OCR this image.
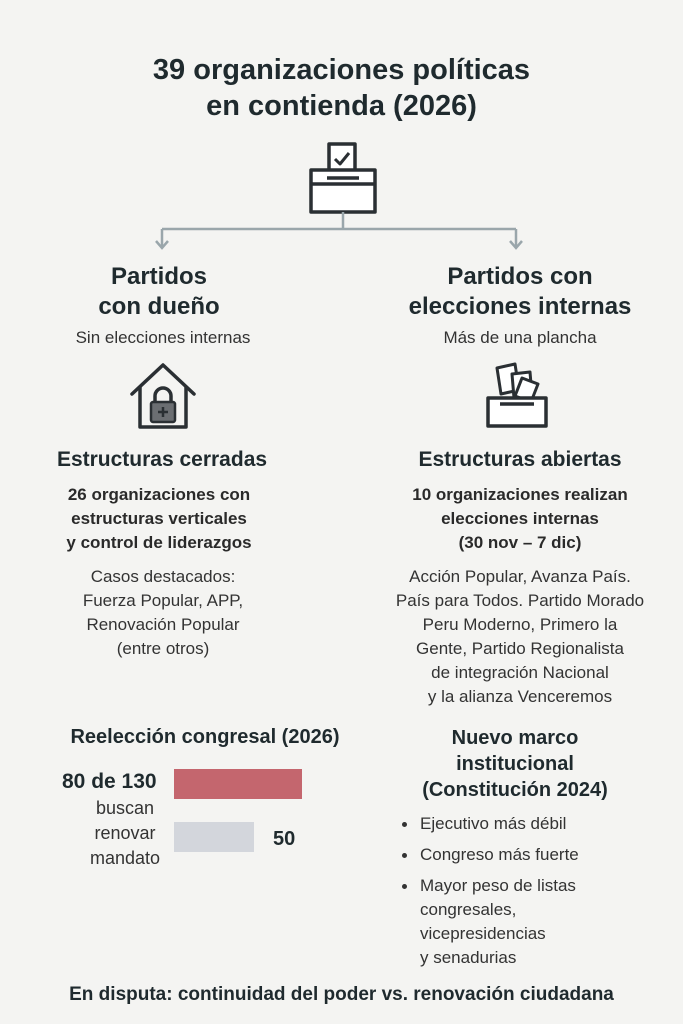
39 organizaciones políticas
en contienda (2026)
Partidos
con dueño
Sin elecciones internas
Estructuras cerradas
26 organizaciones con
estructuras verticales
y control de liderazgos
Casos destacados:
Fuerza Popular, APP,
Renovación Popular
(entre otros)
Partidos con
elecciones internas
Más de una plancha
Estructuras abiertas
10 organizaciones realizan
elecciones internas
(30 nov – 7 dic)
Acción Popular, Avanza País.
País para Todos. Partido Morado
Peru Moderno, Primero la
Gente, Partido Regionalista
de integración Nacional
y la alianza Venceremos
Reelección congresal (2026)
80 de 130
buscan
renovar
mandato
50
Nuevo marco
institucional
(Constitución 2024)
Ejecutivo más débil
Congreso más fuerte
Mayor peso de listas
congresales,
vicepresidencias
y senadurias
En disputa: continuidad del poder vs. renovación ciudadana
